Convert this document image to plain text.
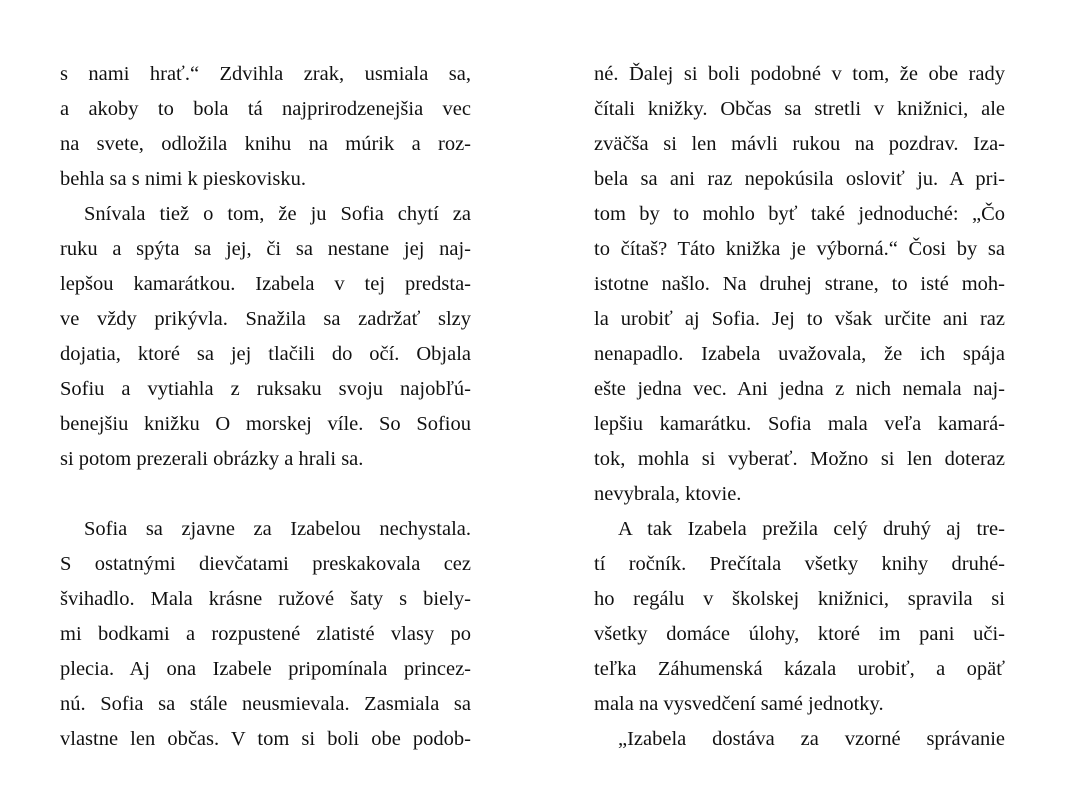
s nami hrať.“ Zdvihla zrak, usmiala sa,
a akoby to bola tá najprirodzenejšia vec
na svete, odložila knihu na múrik a roz-
behla sa s nimi k pieskovisku.
Snívala tiež o tom, že ju Sofia chytí za
ruku a spýta sa jej, či sa nestane jej naj-
lepšou kamarátkou. Izabela v tej predsta-
ve vždy prikývla. Snažila sa zadržať slzy
dojatia, ktoré sa jej tlačili do očí. Objala
Sofiu a vytiahla z ruksaku svoju najobľú-
benejšiu knižku O morskej víle. So Sofiou
si potom prezerali obrázky a hrali sa.
Sofia sa zjavne za Izabelou nechystala.
S ostatnými dievčatami preskakovala cez
švihadlo. Mala krásne ružové šaty s biely-
mi bodkami a rozpustené zlatisté vlasy po
plecia. Aj ona Izabele pripomínala princez-
nú. Sofia sa stále neusmievala. Zasmiala sa
vlastne len občas. V tom si boli obe podob-
né. Ďalej si boli podobné v tom, že obe rady
čítali knižky. Občas sa stretli v knižnici, ale
zväčša si len mávli rukou na pozdrav. Iza-
bela sa ani raz nepokúsila osloviť ju. A pri-
tom by to mohlo byť také jednoduché: „Čo
to čítaš? Táto knižka je výborná.“ Čosi by sa
istotne našlo. Na druhej strane, to isté moh-
la urobiť aj Sofia. Jej to však určite ani raz
nenapadlo. Izabela uvažovala, že ich spája
ešte jedna vec. Ani jedna z nich nemala naj-
lepšiu kamarátku. Sofia mala veľa kamará-
tok, mohla si vyberať. Možno si len doteraz
nevybrala, ktovie.
A tak Izabela prežila celý druhý aj tre-
tí ročník. Prečítala všetky knihy druhé-
ho regálu v školskej knižnici, spravila si
všetky domáce úlohy, ktoré im pani uči-
teľka Záhumenská kázala urobiť, a opäť
mala na vysvedčení samé jednotky.
„Izabela dostáva za vzorné správanie
